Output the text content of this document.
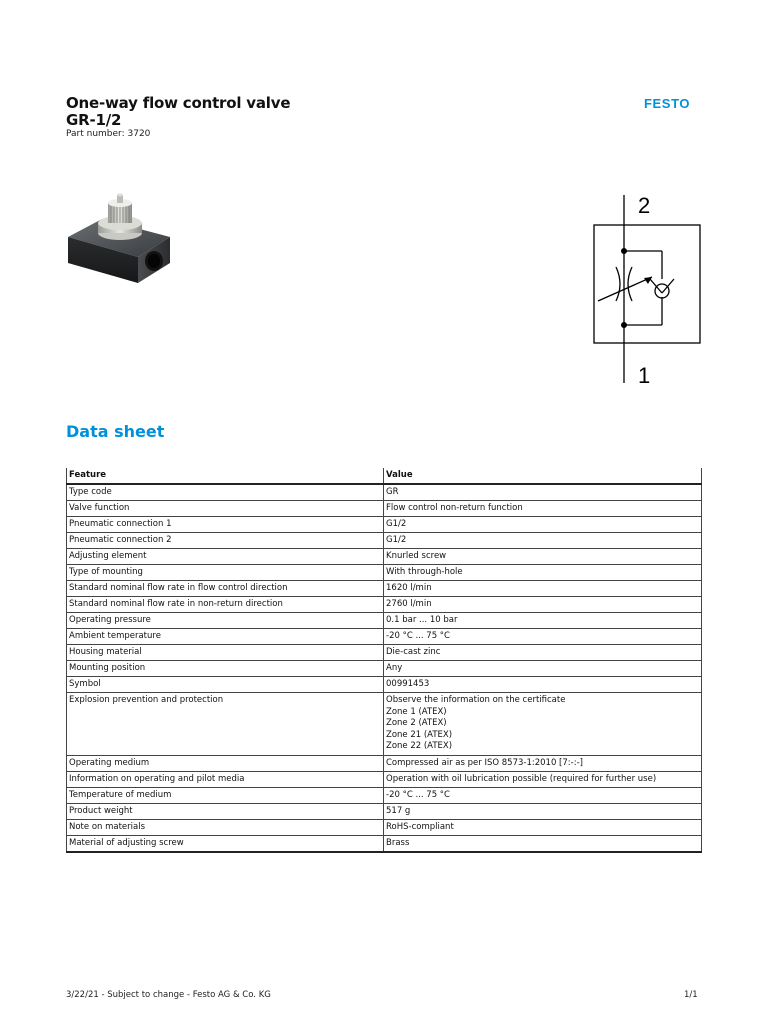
One-way flow control valve
GR-1/2
Part number: 3720
FESTO
2
1
Data sheet
Feature	Value
Type code	GR

Valve function	Flow control non-return function

Pneumatic connection 1	G1/2

Pneumatic connection 2	G1/2

Adjusting element	Knurled screw

Type of mounting	With through-hole

Standard nominal flow rate in flow control direction	1620 l/min

Standard nominal flow rate in non-return direction	2760 l/min

Operating pressure	0.1 bar ... 10 bar

Ambient temperature	-20 °C ... 75 °C

Housing material	Die-cast zinc

Mounting position	Any

Symbol	00991453

Explosion prevention and protection	Observe the information on the certificate
Zone 1 (ATEX)
Zone 2 (ATEX)
Zone 21 (ATEX)
Zone 22 (ATEX)

Operating medium	Compressed air as per ISO 8573-1:2010 [7:-:-]

Information on operating and pilot media	Operation with oil lubrication possible (required for further use)

Temperature of medium	-20 °C ... 75 °C

Product weight	517 g

Note on materials	RoHS-compliant

Material of adjusting screw	Brass
3/22/21 - Subject to change - Festo AG & Co. KG	1/1
